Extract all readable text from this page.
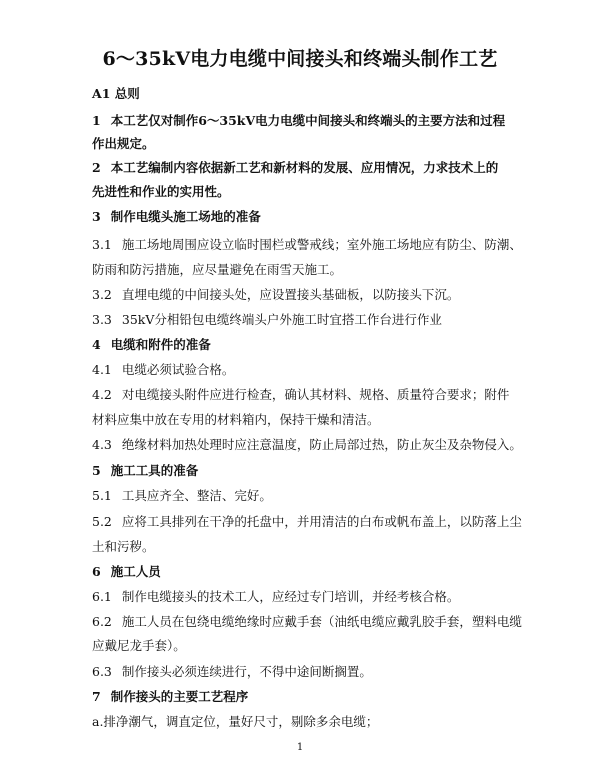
6～35kV电力电缆中间接头和终端头制作工艺
A1 总则
1 本工艺仅对制作6～35kV电力电缆中间接头和终端头的主要方法和过程
作出规定。
2 本工艺编制内容依据新工艺和新材料的发展、应用情况，力求技术上的
先进性和作业的实用性。
3 制作电缆头施工场地的准备
3.1 施工场地周围应设立临时围栏或警戒线；室外施工场地应有防尘、防潮、
防雨和防污措施，应尽量避免在雨雪天施工。
3.2 直埋电缆的中间接头处，应设置接头基础板，以防接头下沉。
3.3 35kV分相铅包电缆终端头户外施工时宜搭工作台进行作业
4 电缆和附件的准备
4.1 电缆必须试验合格。
4.2 对电缆接头附件应进行检查，确认其材料、规格、质量符合要求；附件
材料应集中放在专用的材料箱内，保持干燥和清洁。
4.3 绝缘材料加热处理时应注意温度，防止局部过热，防止灰尘及杂物侵入。
5 施工工具的准备
5.1 工具应齐全、整洁、完好。
5.2 应将工具排列在干净的托盘中，并用清洁的白布或帆布盖上，以防落上尘
土和污秽。
6 施工人员
6.1 制作电缆接头的技术工人，应经过专门培训，并经考核合格。
6.2 施工人员在包绕电缆绝缘时应戴手套（油纸电缆应戴乳胶手套，塑料电缆
应戴尼龙手套）。
6.3 制作接头必须连续进行，不得中途间断搁置。
7 制作接头的主要工艺程序
a.排净潮气，调直定位，量好尺寸，剔除多余电缆；
1
